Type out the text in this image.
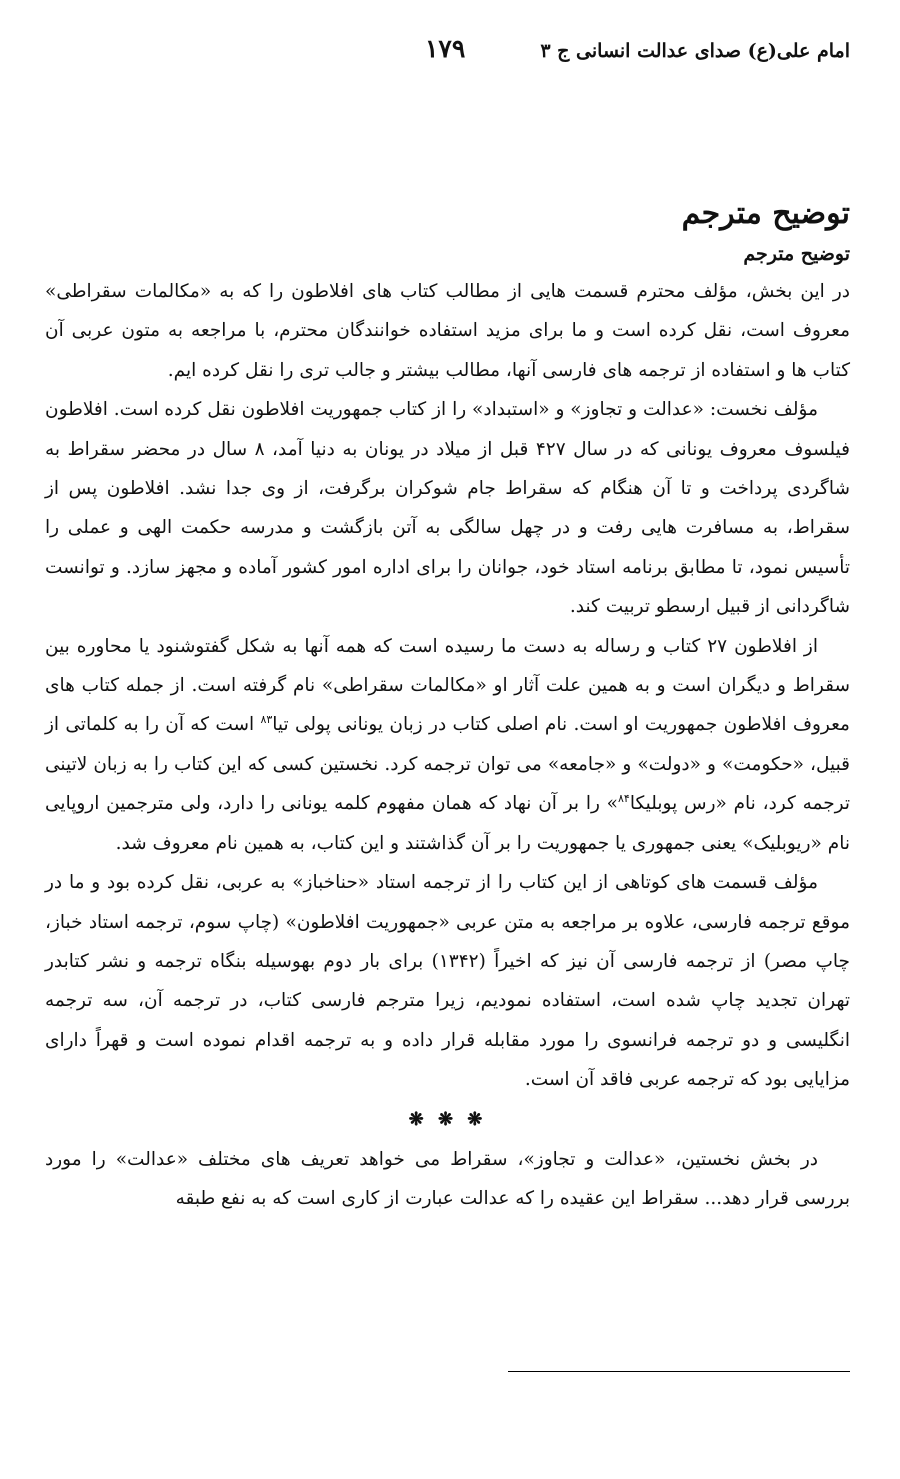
امام علی(ع) صدای عدالت انسانی ج ۳
۱۷۹
توضیح مترجم
توضیح مترجم

در این بخش، مؤلف محترم قسمت هایی از مطالب کتاب های افلاطون را که به «مکالمات سقراطی» معروف است، نقل کرده است و ما برای مزید استفاده خوانندگان محترم، با مراجعه به متون عربی آن کتاب ها و استفاده از ترجمه های فارسی آنها، مطالب بیشتر و جالب تری را نقل کرده ایم.

مؤلف نخست: «عدالت و تجاوز» و «استبداد» را از کتاب جمهوریت افلاطون نقل کرده است. افلاطون فیلسوف معروف یونانی که در سال ۴۲۷ قبل از میلاد در یونان به دنیا آمد، ۸ سال در محضر سقراط به شاگردی پرداخت و تا آن هنگام که سقراط جام شوکران برگرفت، از وی جدا نشد. افلاطون پس از سقراط، به مسافرت هایی رفت و در چهل سالگی به آتن بازگشت و مدرسه حکمت الهی و عملی را تأسیس نمود، تا مطابق برنامه استاد خود، جوانان را برای اداره امور کشور آماده و مجهز سازد. و توانست شاگردانی از قبیل ارسطو تربیت کند.

از افلاطون ۲۷ کتاب و رساله به دست ما رسیده است که همه آنها به شکل گفتوشنود یا محاوره بین سقراط و دیگران است و به همین علت آثار او «مکالمات سقراطی» نام گرفته است. از جمله کتاب های معروف افلاطون جمهوریت او است. نام اصلی کتاب در زبان یونانی پولی تیا$^{۸۳}$ است که آن را به کلماتی از قبیل، «حکومت» و «دولت» و «جامعه» می توان ترجمه کرد. نخستین کسی که این کتاب را به زبان لاتینی ترجمه کرد، نام «رس پوبلیکا$^{۸۴}$» را بر آن نهاد که همان مفهوم کلمه یونانی را دارد، ولی مترجمین اروپایی نام «ریوبلیک» یعنی جمهوری یا جمهوریت را بر آن گذاشتند و این کتاب، به همین نام معروف شد.

مؤلف قسمت های کوتاهی از این کتاب را از ترجمه استاد «حناخباز» به عربی، نقل کرده بود و ما در موقع ترجمه فارسی، علاوه بر مراجعه به متن عربی «جمهوریت افلاطون» (چاپ سوم، ترجمه استاد خباز، چاپ مصر) از ترجمه فارسی آن نیز که اخیراً (۱۳۴۲) برای بار دوم بهوسیله بنگاه ترجمه و نشر کتابدر تهران تجدید چاپ شده است، استفاده نمودیم، زیرا مترجم فارسی کتاب، در ترجمه آن، سه ترجمه انگلیسی و دو ترجمه فرانسوی را مورد مقابله قرار داده و به ترجمه اقدام نموده است و قهراً دارای مزایایی بود که ترجمه عربی فاقد آن است.

❋ ❋ ❋

در بخش نخستین، «عدالت و تجاوز»، سقراط می خواهد تعریف های مختلف «عدالت» را مورد بررسی قرار دهد... سقراط این عقیده را که عدالت عبارت از کاری است که به نفع طبقه
